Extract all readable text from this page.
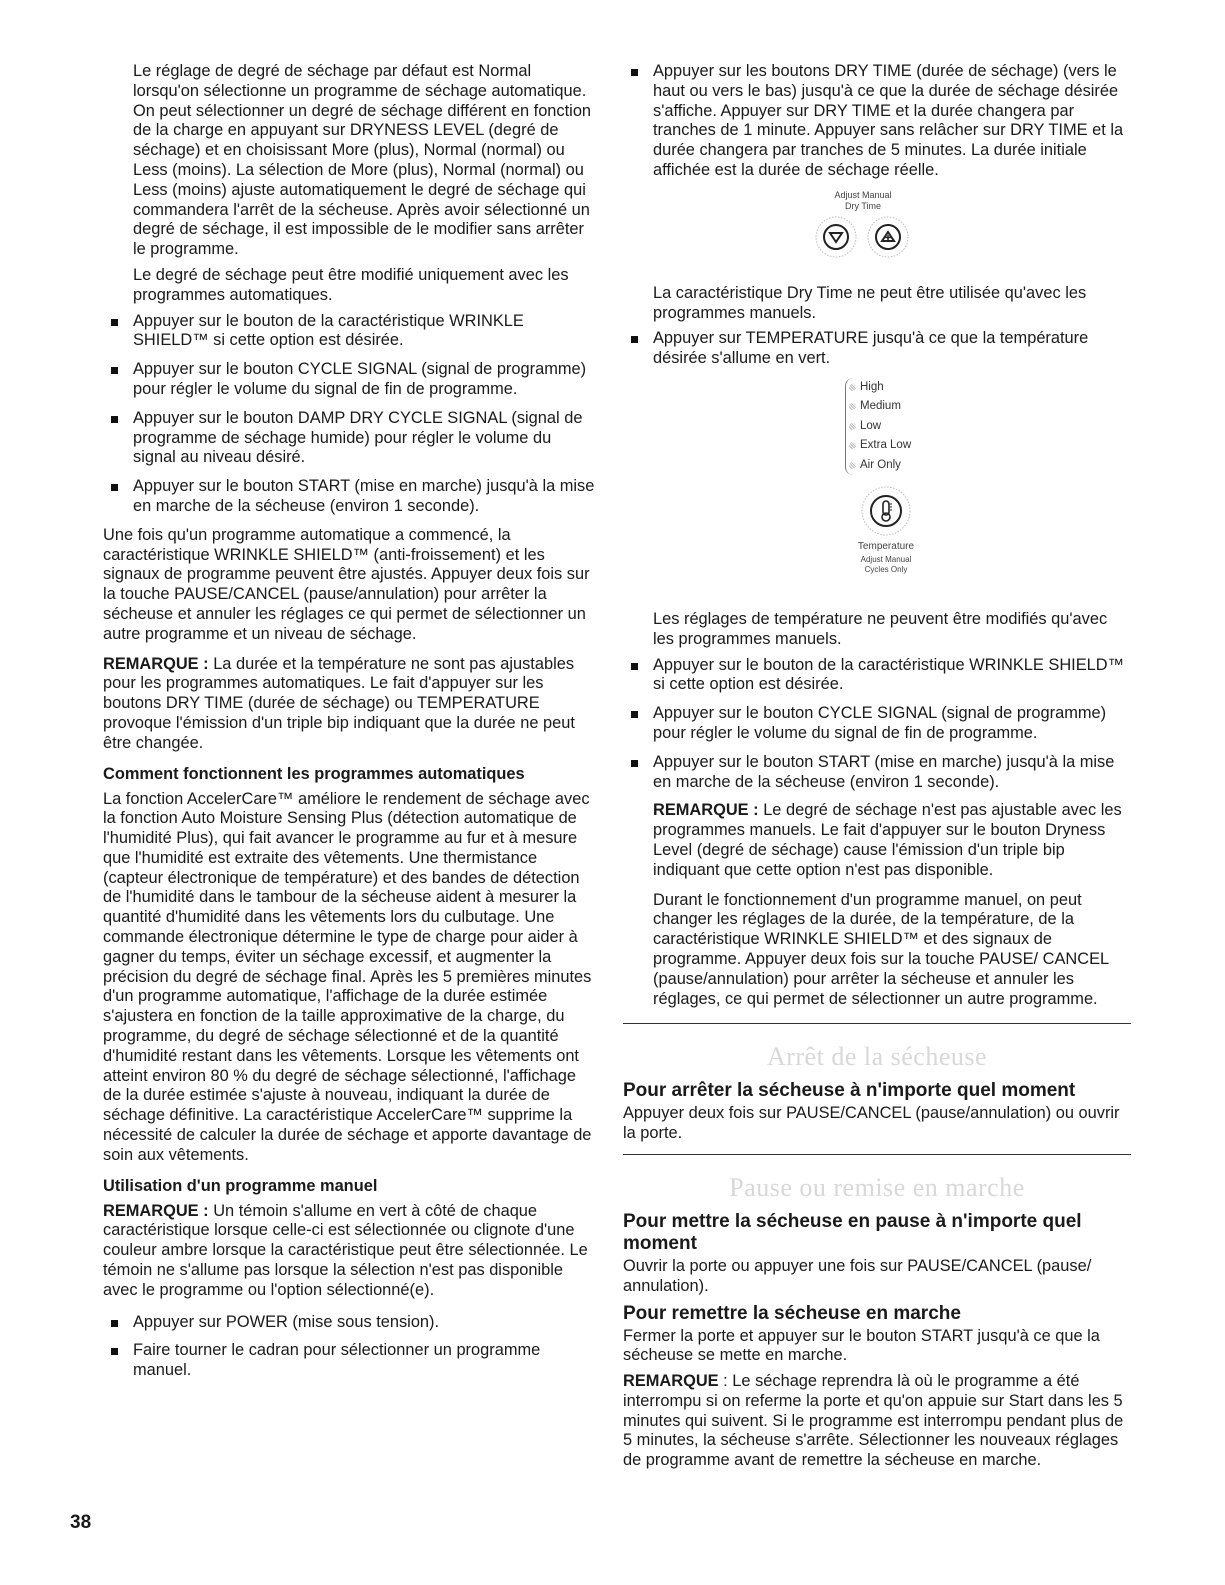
Le réglage de degré de séchage par défaut est Normal lorsqu'on sélectionne un programme de séchage automatique. On peut sélectionner un degré de séchage différent en fonction de la charge en appuyant sur DRYNESS LEVEL (degré de séchage) et en choisissant More (plus), Normal (normal) ou Less (moins). La sélection de More (plus), Normal (normal) ou Less (moins) ajuste automatiquement le degré de séchage qui commandera l'arrêt de la sécheuse. Après avoir sélectionné un degré de séchage, il est impossible de le modifier sans arrêter le programme.

Le degré de séchage peut être modifié uniquement avec les programmes automatiques.

Appuyer sur le bouton de la caractéristique WRINKLE SHIELD™ si cette option est désirée.

Appuyer sur le bouton CYCLE SIGNAL (signal de programme) pour régler le volume du signal de fin de programme.

Appuyer sur le bouton DAMP DRY CYCLE SIGNAL (signal de programme de séchage humide) pour régler le volume du signal au niveau désiré.

Appuyer sur le bouton START (mise en marche) jusqu'à la mise en marche de la sécheuse (environ 1 seconde).

Une fois qu'un programme automatique a commencé, la caractéristique WRINKLE SHIELD™ (anti-froissement) et les signaux de programme peuvent être ajustés. Appuyer deux fois sur la touche PAUSE/CANCEL (pause/annulation) pour arrêter la sécheuse et annuler les réglages ce qui permet de sélectionner un autre programme et un niveau de séchage.

REMARQUE : La durée et la température ne sont pas ajustables pour les programmes automatiques. Le fait d'appuyer sur les boutons DRY TIME (durée de séchage) ou TEMPERATURE provoque l'émission d'un triple bip indiquant que la durée ne peut être changée.

Comment fonctionnent les programmes automatiques

La fonction AccelerCare™ améliore le rendement de séchage avec la fonction Auto Moisture Sensing Plus (détection automatique de l'humidité Plus), qui fait avancer le programme au fur et à mesure que l'humidité est extraite des vêtements. Une thermistance (capteur électronique de température) et des bandes de détection de l'humidité dans le tambour de la sécheuse aident à mesurer la quantité d'humidité dans les vêtements lors du culbutage. Une commande électronique détermine le type de charge pour aider à gagner du temps, éviter un séchage excessif, et augmenter la précision du degré de séchage final. Après les 5 premières minutes d'un programme automatique, l'affichage de la durée estimée s'ajustera en fonction de la taille approximative de la charge, du programme, du degré de séchage sélectionné et de la quantité d'humidité restant dans les vêtements. Lorsque les vêtements ont atteint environ 80 % du degré de séchage sélectionné, l'affichage de la durée estimée s'ajuste à nouveau, indiquant la durée de séchage définitive. La caractéristique AccelerCare™ supprime la nécessité de calculer la durée de séchage et apporte davantage de soin aux vêtements.

Utilisation d'un programme manuel

REMARQUE : Un témoin s'allume en vert à côté de chaque caractéristique lorsque celle-ci est sélectionnée ou clignote d'une couleur ambre lorsque la caractéristique peut être sélectionnée. Le témoin ne s'allume pas lorsque la sélection n'est pas disponible avec le programme ou l'option sélectionné(e).

Appuyer sur POWER (mise sous tension).

Faire tourner le cadran pour sélectionner un programme manuel.

Appuyer sur les boutons DRY TIME (durée de séchage) (vers le haut ou vers le bas) jusqu'à ce que la durée de séchage désirée s'affiche. Appuyer sur DRY TIME et la durée changera par tranches de 1 minute. Appuyer sans relâcher sur DRY TIME et la durée changera par tranches de 5 minutes. La durée initiale affichée est la durée de séchage réelle.

Adjust Manual
Dry Time

La caractéristique Dry Time ne peut être utilisée qu'avec les programmes manuels.

Appuyer sur TEMPERATURE jusqu'à ce que la température désirée s'allume en vert.

High
Medium
Low
Extra Low
Air Only
Temperature
Adjust Manual
Cycles Only

Les réglages de température ne peuvent être modifiés qu'avec les programmes manuels.

Appuyer sur le bouton de la caractéristique WRINKLE SHIELD™ si cette option est désirée.

Appuyer sur le bouton CYCLE SIGNAL (signal de programme) pour régler le volume du signal de fin de programme.

Appuyer sur le bouton START (mise en marche) jusqu'à la mise en marche de la sécheuse (environ 1 seconde).

REMARQUE : Le degré de séchage n'est pas ajustable avec les programmes manuels. Le fait d'appuyer sur le bouton Dryness Level (degré de séchage) cause l'émission d'un triple bip indiquant que cette option n'est pas disponible.

Durant le fonctionnement d'un programme manuel, on peut changer les réglages de la durée, de la température, de la caractéristique WRINKLE SHIELD™ et des signaux de programme. Appuyer deux fois sur la touche PAUSE/ CANCEL (pause/annulation) pour arrêter la sécheuse et annuler les réglages, ce qui permet de sélectionner un autre programme.

Arrêt de la sécheuse
Pour arrêter la sécheuse à n'importe quel moment

Appuyer deux fois sur PAUSE/CANCEL (pause/annulation) ou ouvrir la porte.

Pause ou remise en marche
Pour mettre la sécheuse en pause à n'importe quel moment

Ouvrir la porte ou appuyer une fois sur PAUSE/CANCEL (pause/ annulation).

Pour remettre la sécheuse en marche

Fermer la porte et appuyer sur le bouton START jusqu'à ce que la sécheuse se mette en marche.

REMARQUE : Le séchage reprendra là où le programme a été interrompu si on referme la porte et qu'on appuie sur Start dans les 5 minutes qui suivent. Si le programme est interrompu pendant plus de 5 minutes, la sécheuse s'arrête. Sélectionner les nouveaux réglages de programme avant de remettre la sécheuse en marche.

38
